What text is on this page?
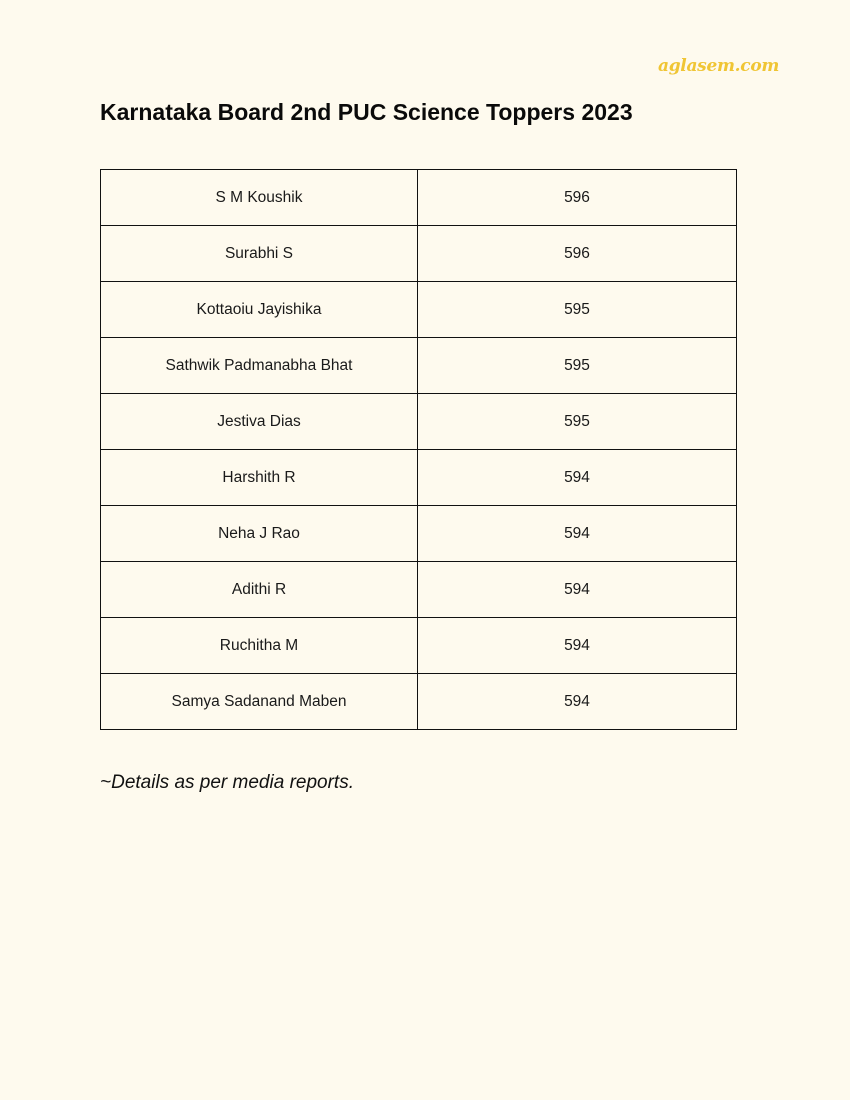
aglasem.com
Karnataka Board 2nd PUC Science Toppers 2023
S M Koushik	596
Surabhi S	596
Kottaoiu Jayishika	595
Sathwik Padmanabha Bhat	595
Jestiva Dias	595
Harshith R	594
Neha J Rao	594
Adithi R	594
Ruchitha M	594
Samya Sadanand Maben	594

~Details as per media reports.
